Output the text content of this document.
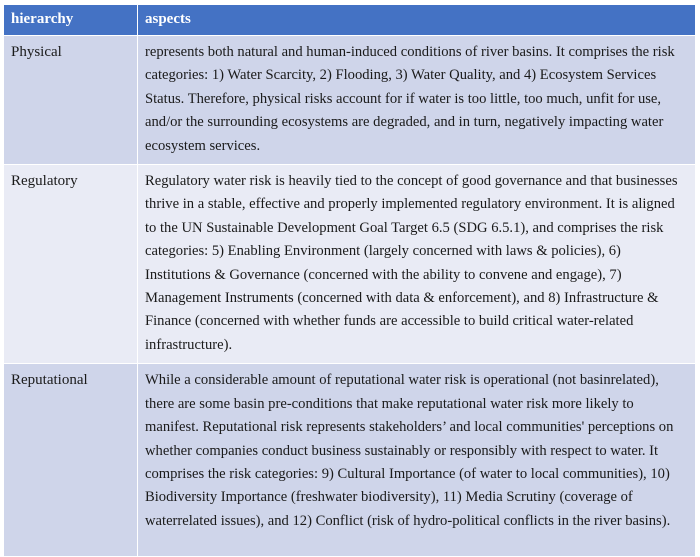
hierarchy	aspects

Physical	represents both natural and human-induced conditions of river basins. It comprises the risk categories: 1) Water Scarcity, 2) Flooding, 3) Water Quality, and 4) Ecosystem Services Status. Therefore, physical risks account for if water is too little, too much, unfit for use, and/or the surrounding ecosystems are degraded, and in turn, negatively impacting water ecosystem services.
Regulatory	Regulatory water risk is heavily tied to the concept of good governance and that businesses thrive in a stable, effective and properly implemented regulatory environment. It is aligned to the UN Sustainable Development Goal Target 6.5 (SDG 6.5.1), and comprises the risk categories: 5) Enabling Environment (largely concerned with laws & policies), 6) Institutions & Governance (concerned with the ability to convene and engage), 7) Management Instruments (concerned with data & enforcement), and 8) Infrastructure & Finance (concerned with whether funds are accessible to build critical water-related infrastructure).
Reputational	While a considerable amount of reputational water risk is operational (not basinrelated), there are some basin pre-conditions that make reputational water risk more likely to manifest. Reputational risk represents stakeholders’ and local communities' perceptions on whether companies conduct business sustainably or responsibly with respect to water. It comprises the risk categories: 9) Cultural Importance (of water to local communities), 10) Biodiversity Importance (freshwater biodiversity), 11) Media Scrutiny (coverage of waterrelated issues), and 12) Conflict (risk of hydro-political conflicts in the river basins).
